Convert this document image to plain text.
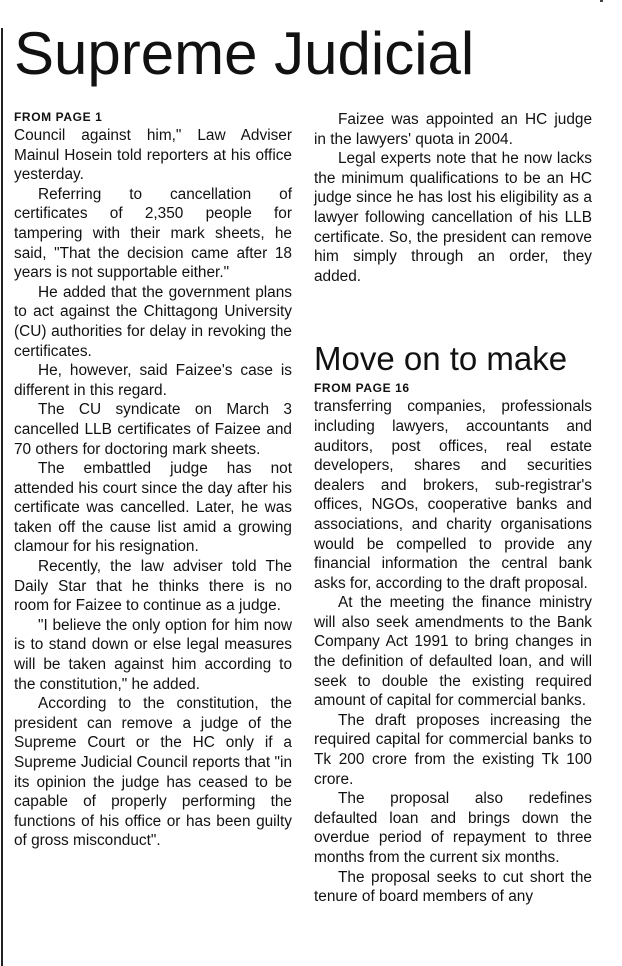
Supreme Judicial
FROM PAGE 1

Council against him," Law Adviser Mainul Hosein told reporters at his office yesterday.

Referring to cancellation of certificates of 2,350 people for tampering with their mark sheets, he said, "That the decision came after 18 years is not supportable either."

He added that the government plans to act against the Chittagong University (CU) authorities for delay in revoking the certificates.

He, however, said Faizee's case is different in this regard.

The CU syndicate on March 3 cancelled LLB certificates of Faizee and 70 others for doctoring mark sheets.

The embattled judge has not attended his court since the day after his certificate was cancelled. Later, he was taken off the cause list amid a growing clamour for his resignation.

Recently, the law adviser told The Daily Star that he thinks there is no room for Faizee to continue as a judge.

"I believe the only option for him now is to stand down or else legal measures will be taken against him according to the constitution," he added.

According to the constitution, the president can remove a judge of the Supreme Court or the HC only if a Supreme Judicial Council reports that "in its opinion the judge has ceased to be capable of properly performing the functions of his office or has been guilty of gross misconduct".

Faizee was appointed an HC judge in the lawyers' quota in 2004.

Legal experts note that he now lacks the minimum qualifications to be an HC judge since he has lost his eligibility as a lawyer following cancellation of his LLB certificate. So, the president can remove him simply through an order, they added.

Move on to make
FROM PAGE 16

transferring companies, professionals including lawyers, accountants and auditors, post offices, real estate developers, shares and securities dealers and brokers, sub-registrar's offices, NGOs, cooperative banks and associations, and charity organisations would be compelled to provide any financial information the central bank asks for, according to the draft proposal.

At the meeting the finance ministry will also seek amendments to the Bank Company Act 1991 to bring changes in the definition of defaulted loan, and will seek to double the existing required amount of capital for commercial banks.

The draft proposes increasing the required capital for commercial banks to Tk 200 crore from the existing Tk 100 crore.

The proposal also redefines defaulted loan and brings down the overdue period of repayment to three months from the current six months.

The proposal seeks to cut short the tenure of board members of any
